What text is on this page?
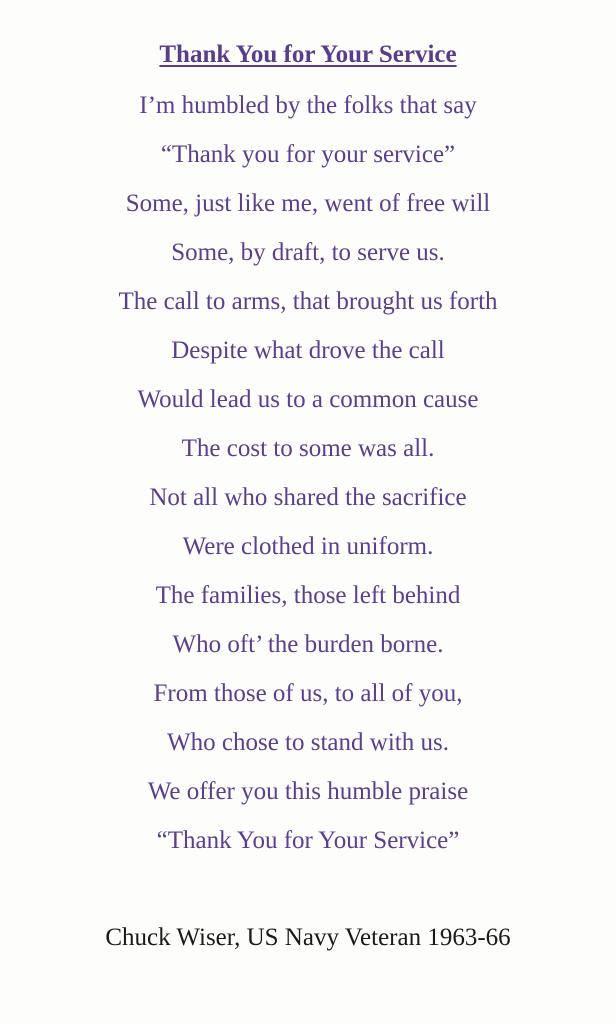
Thank You for Your Service
I’m humbled by the folks that say
“Thank you for your service”
Some, just like me, went of free will
Some, by draft, to serve us.
The call to arms, that brought us forth
Despite what drove the call
Would lead us to a common cause
The cost to some was all.
Not all who shared the sacrifice
Were clothed in uniform.
The families, those left behind
Who oft’ the burden borne.
From those of us, to all of you,
Who chose to stand with us.
We offer you this humble praise
“Thank You for Your Service”
Chuck Wiser, US Navy Veteran 1963-66
